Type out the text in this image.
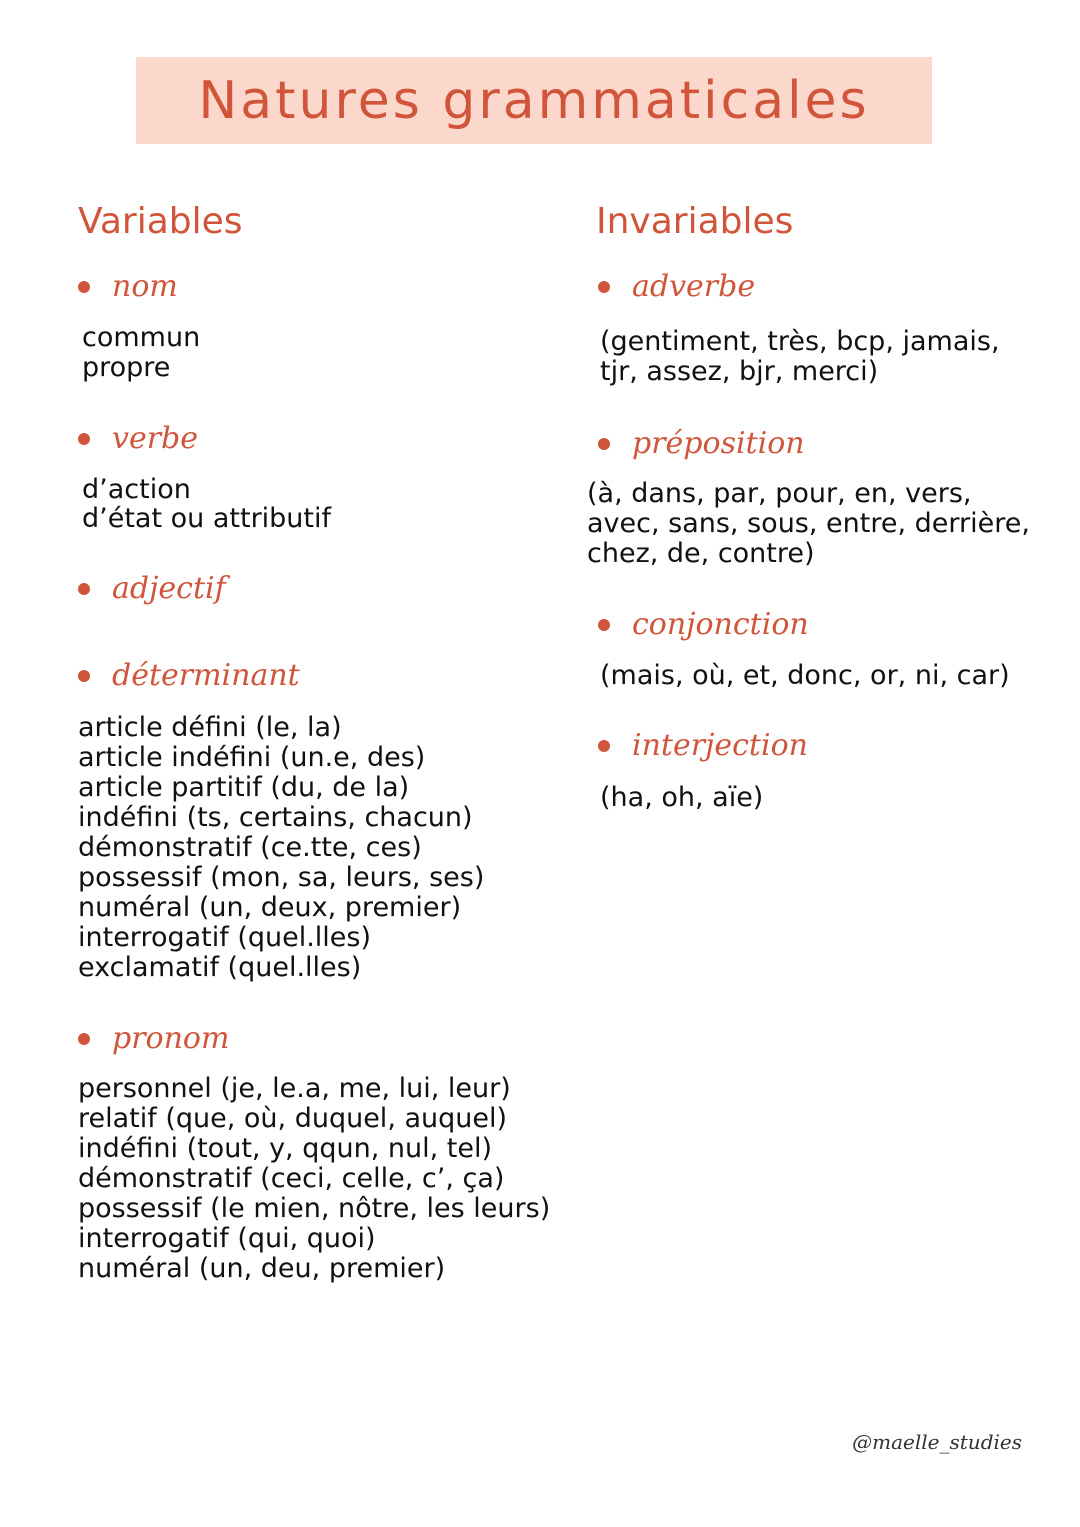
Natures grammaticales
Variables
nom
commun
propre
verbe
d’action
d’état ou attributif
adjectif
déterminant
article défini (le, la)
article indéfini (un.e, des)
article partitif (du, de la)
indéfini (ts, certains, chacun)
démonstratif (ce.tte, ces)
possessif (mon, sa, leurs, ses)
numéral (un, deux, premier)
interrogatif (quel.lles)
exclamatif (quel.lles)
pronom
personnel (je, le.a, me, lui, leur)
relatif (que, où, duquel, auquel)
indéfini (tout, y, qqun, nul, tel)
démonstratif (ceci, celle, c’, ça)
possessif (le mien, nôtre, les leurs)
interrogatif (qui, quoi)
numéral (un, deu, premier)
Invariables
adverbe
(gentiment, très, bcp, jamais,
tjr, assez, bjr, merci)
préposition
(à, dans, par, pour, en, vers,
avec, sans, sous, entre, derrière,
chez, de, contre)
conjonction
(mais, où, et, donc, or, ni, car)
interjection
(ha, oh, aïe)
@maelle_studies
